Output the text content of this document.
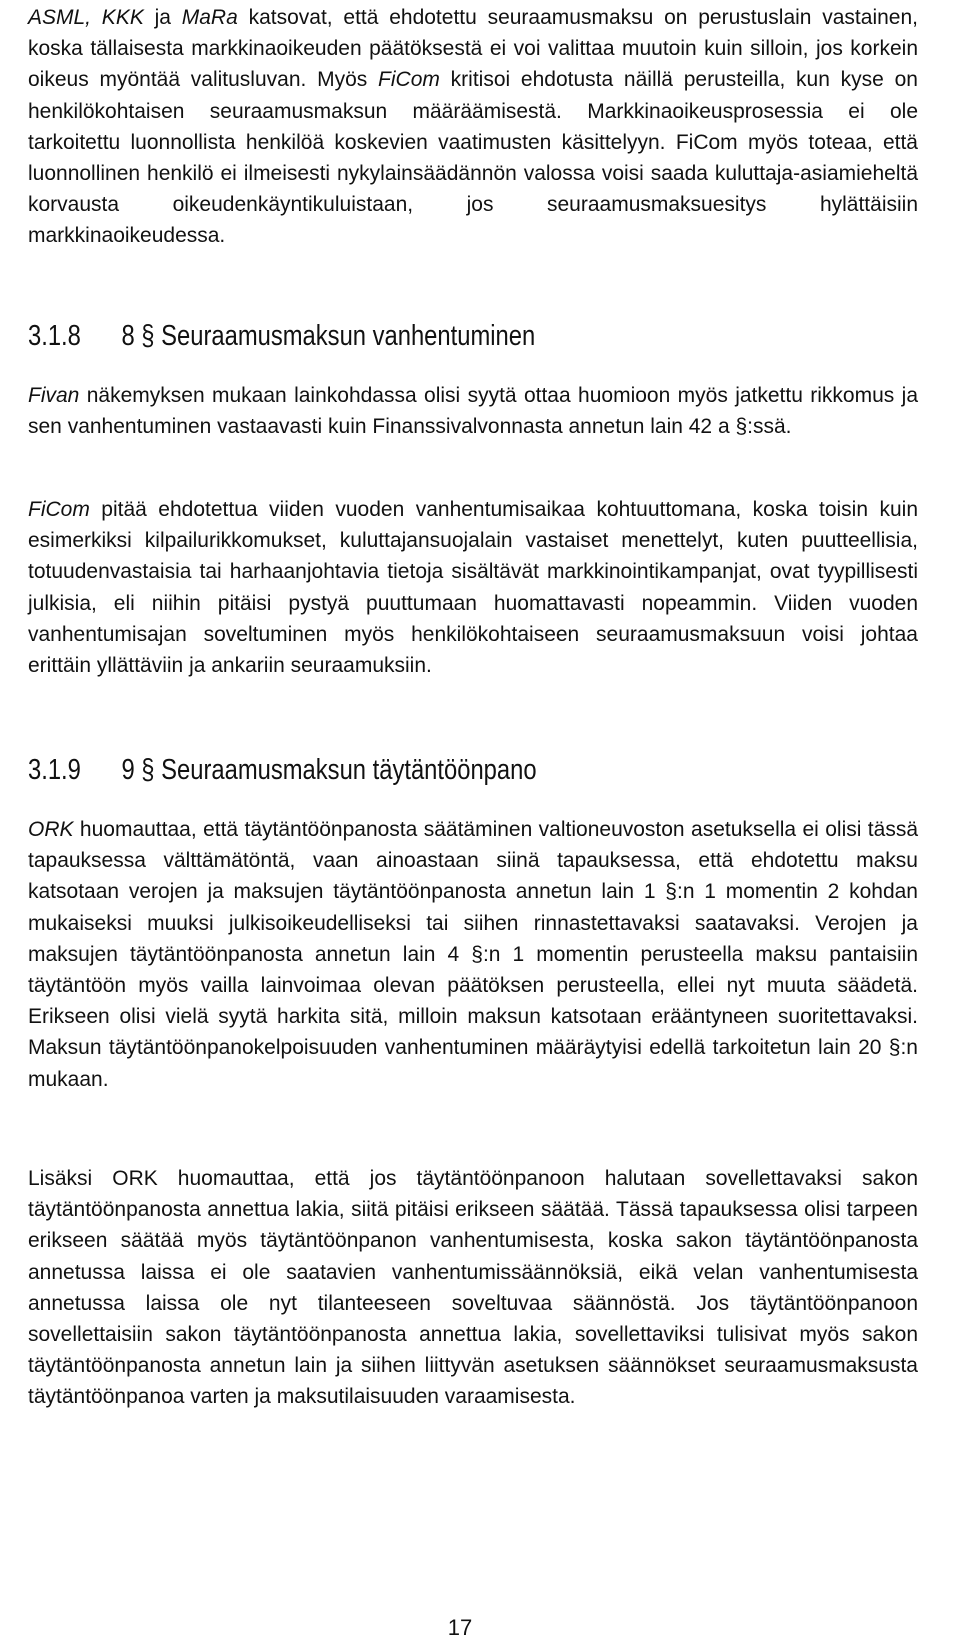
ASML, KKK ja MaRa katsovat, että ehdotettu seuraamusmaksu on perustuslain vastainen, koska tällaisesta markkinaoikeuden päätöksestä ei voi valittaa muutoin kuin silloin, jos korkein oikeus myöntää valitusluvan. Myös FiCom kritisoi ehdotusta näillä perusteilla, kun kyse on henkilökohtaisen seuraamusmaksun määräämisestä. Markkinaoikeusprosessia ei ole tarkoitettu luonnollista henkilöä koskevien vaatimusten käsittelyyn. FiCom myös toteaa, että luonnollinen henkilö ei ilmeisesti nykylainsäädännön valossa voisi saada kuluttaja-asiamieheltä korvausta oikeudenkäyntikuluistaan, jos seuraamusmaksuesitys hylättäisiin markkinaoikeudessa.

3.1.8 8 § Seuraamusmaksun vanhentuminen

Fivan näkemyksen mukaan lainkohdassa olisi syytä ottaa huomioon myös jatkettu rikkomus ja sen vanhentuminen vastaavasti kuin Finanssivalvonnasta annetun lain 42 a §:ssä.

FiCom pitää ehdotettua viiden vuoden vanhentumisaikaa kohtuuttomana, koska toisin kuin esimerkiksi kilpailurikkomukset, kuluttajansuojalain vastaiset menettelyt, kuten puutteellisia, totuudenvastaisia tai harhaanjohtavia tietoja sisältävät markkinointikampanjat, ovat tyypillisesti julkisia, eli niihin pitäisi pystyä puuttumaan huomattavasti nopeammin. Viiden vuoden vanhentumisajan soveltuminen myös henkilökohtaiseen seuraamusmaksuun voisi johtaa erittäin yllättäviin ja ankariin seuraamuksiin.

3.1.9 9 § Seuraamusmaksun täytäntöönpano

ORK huomauttaa, että täytäntöönpanosta säätäminen valtioneuvoston asetuksella ei olisi tässä tapauksessa välttämätöntä, vaan ainoastaan siinä tapauksessa, että ehdotettu maksu katsotaan verojen ja maksujen täytäntöönpanosta annetun lain 1 §:n 1 momentin 2 kohdan mukaiseksi muuksi julkisoikeudelliseksi tai siihen rinnastettavaksi saatavaksi. Verojen ja maksujen täytäntöönpanosta annetun lain 4 §:n 1 momentin perusteella maksu pantaisiin täytäntöön myös vailla lainvoimaa olevan päätöksen perusteella, ellei nyt muuta säädetä. Erikseen olisi vielä syytä harkita sitä, milloin maksun katsotaan erääntyneen suoritettavaksi. Maksun täytäntöönpanokelpoisuuden vanhentuminen määräytyisi edellä tarkoitetun lain 20 §:n mukaan.

Lisäksi ORK huomauttaa, että jos täytäntöönpanoon halutaan sovellettavaksi sakon täytäntöönpanosta annettua lakia, siitä pitäisi erikseen säätää. Tässä tapauksessa olisi tarpeen erikseen säätää myös täytäntöönpanon vanhentumisesta, koska sakon täytäntöönpanosta annetussa laissa ei ole saatavien vanhentumissäännöksiä, eikä velan vanhentumisesta annetussa laissa ole nyt tilanteeseen soveltuvaa säännöstä. Jos täytäntöönpanoon sovellettaisiin sakon täytäntöönpanosta annettua lakia, sovellettaviksi tulisivat myös sakon täytäntöönpanosta annetun lain ja siihen liittyvän asetuksen säännökset seuraamusmaksusta täytäntöönpanoa varten ja maksutilaisuuden varaamisesta.

17
